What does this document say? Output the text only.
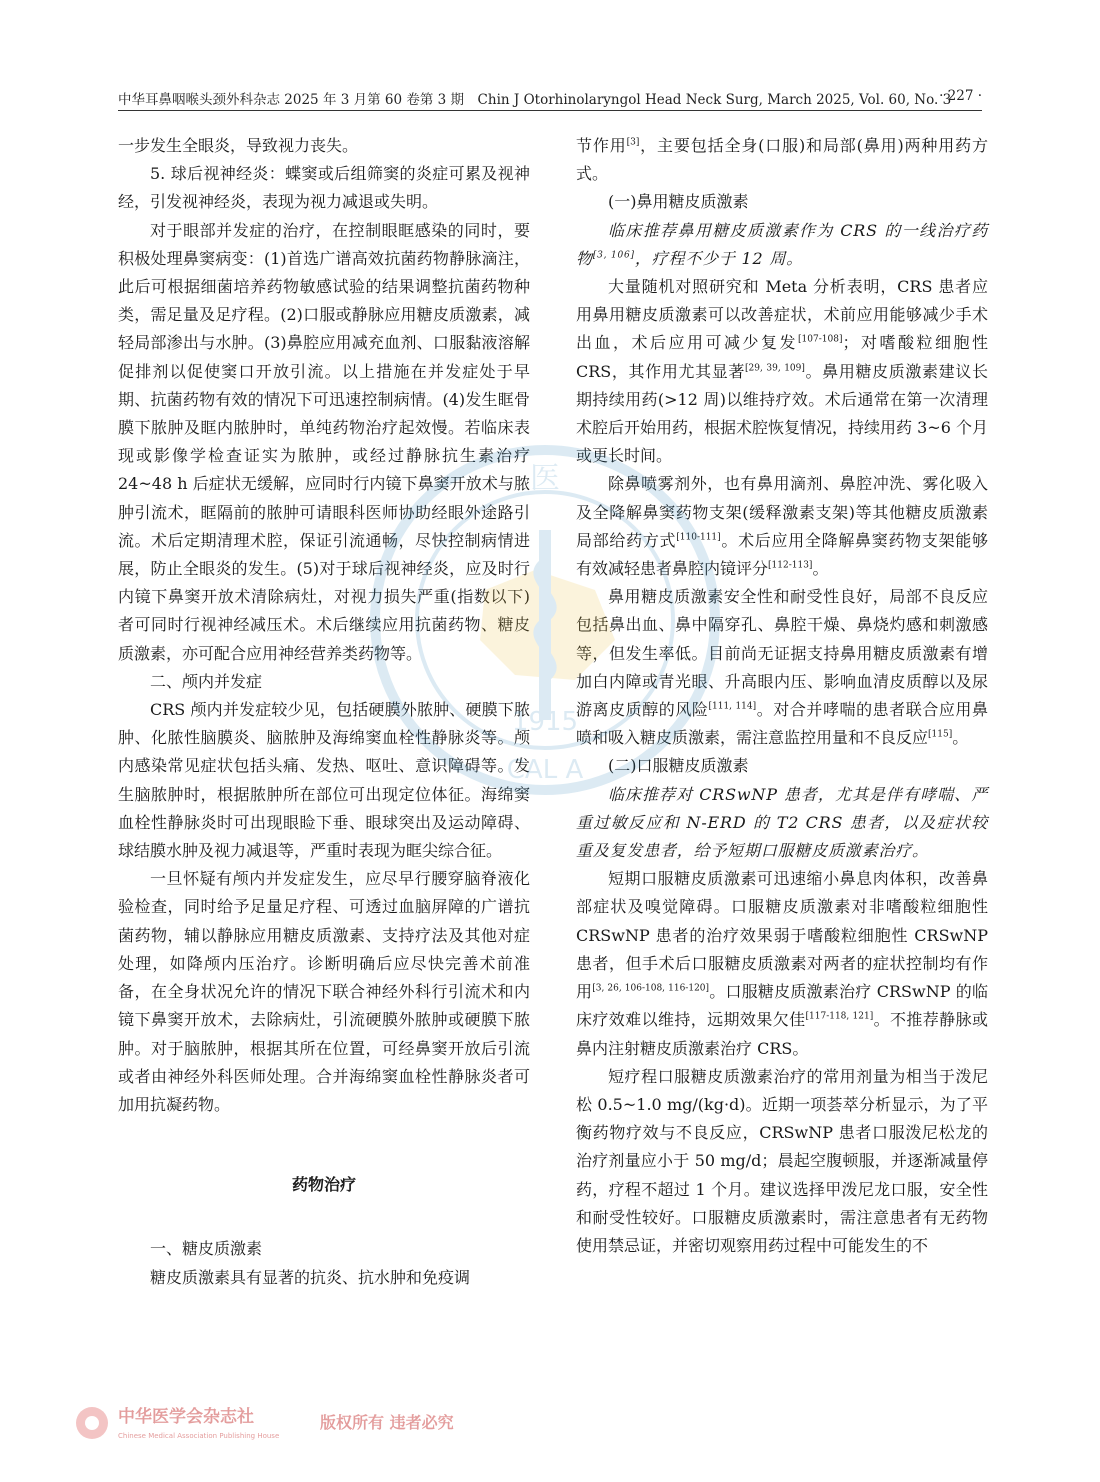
中华耳鼻咽喉头颈外科杂志 2025 年 3 月第 60 卷第 3 期　Chin J Otorhinolaryngol Head Neck Surg, March 2025, Vol. 60, No. 3
· 227 ·

一步发生全眼炎，导致视力丧失。

5. 球后视神经炎：蝶窦或后组筛窦的炎症可累及视神经，引发视神经炎，表现为视力减退或失明。

对于眼部并发症的治疗，在控制眼眶感染的同时，要积极处理鼻窦病变：(1)首选广谱高效抗菌药物静脉滴注，此后可根据细菌培养药物敏感试验的结果调整抗菌药物种类，需足量及足疗程。(2)口服或静脉应用糖皮质激素，减轻局部渗出与水肿。(3)鼻腔应用减充血剂、口服黏液溶解促排剂以促使窦口开放引流。以上措施在并发症处于早期、抗菌药物有效的情况下可迅速控制病情。(4)发生眶骨膜下脓肿及眶内脓肿时，单纯药物治疗起效慢。若临床表现或影像学检查证实为脓肿，或经过静脉抗生素治疗 24~48 h 后症状无缓解，应同时行内镜下鼻窦开放术与脓肿引流术，眶隔前的脓肿可请眼科医师协助经眼外途路引流。术后定期清理术腔，保证引流通畅，尽快控制病情进展，防止全眼炎的发生。(5)对于球后视神经炎，应及时行内镜下鼻窦开放术清除病灶，对视力损失严重(指数以下)者可同时行视神经减压术。术后继续应用抗菌药物、糖皮质激素，亦可配合应用神经营养类药物等。

二、颅内并发症

CRS 颅内并发症较少见，包括硬膜外脓肿、硬膜下脓肿、化脓性脑膜炎、脑脓肿及海绵窦血栓性静脉炎等。颅内感染常见症状包括头痛、发热、呕吐、意识障碍等。发生脑脓肿时，根据脓肿所在部位可出现定位体征。海绵窦血栓性静脉炎时可出现眼睑下垂、眼球突出及运动障碍、球结膜水肿及视力减退等，严重时表现为眶尖综合征。

一旦怀疑有颅内并发症发生，应尽早行腰穿脑脊液化验检查，同时给予足量足疗程、可透过血脑屏障的广谱抗菌药物，辅以静脉应用糖皮质激素、支持疗法及其他对症处理，如降颅内压治疗。诊断明确后应尽快完善术前准备，在全身状况允许的情况下联合神经外科行引流术和内镜下鼻窦开放术，去除病灶，引流硬膜外脓肿或硬膜下脓肿。对于脑脓肿，根据其所在位置，可经鼻窦开放后引流或者由神经外科医师处理。合并海绵窦血栓性静脉炎者可加用抗凝药物。

药物治疗

一、糖皮质激素

糖皮质激素具有显著的抗炎、抗水肿和免疫调

节作用[3]，主要包括全身(口服)和局部(鼻用)两种用药方式。

(一)鼻用糖皮质激素

临床推荐鼻用糖皮质激素作为 CRS 的一线治疗药物[3, 106]，疗程不少于 12 周。

大量随机对照研究和 Meta 分析表明，CRS 患者应用鼻用糖皮质激素可以改善症状，术前应用能够减少手术出血，术后应用可减少复发[107-108]；对嗜酸粒细胞性 CRS，其作用尤其显著[29, 39, 109]。鼻用糖皮质激素建议长期持续用药(>12 周)以维持疗效。术后通常在第一次清理术腔后开始用药，根据术腔恢复情况，持续用药 3~6 个月或更长时间。

除鼻喷雾剂外，也有鼻用滴剂、鼻腔冲洗、雾化吸入及全降解鼻窦药物支架(缓释激素支架)等其他糖皮质激素局部给药方式[110-111]。术后应用全降解鼻窦药物支架能够有效减轻患者鼻腔内镜评分[112-113]。

鼻用糖皮质激素安全性和耐受性良好，局部不良反应包括鼻出血、鼻中隔穿孔、鼻腔干燥、鼻烧灼感和刺激感等，但发生率低。目前尚无证据支持鼻用糖皮质激素有增加白内障或青光眼、升高眼内压、影响血清皮质醇以及尿游离皮质醇的风险[111, 114]。对合并哮喘的患者联合应用鼻喷和吸入糖皮质激素，需注意监控用量和不良反应[115]。

(二)口服糖皮质激素

临床推荐对 CRSwNP 患者，尤其是伴有哮喘、严重过敏反应和 N-ERD 的 T2 CRS 患者，以及症状较重及复发患者，给予短期口服糖皮质激素治疗。

短期口服糖皮质激素可迅速缩小鼻息肉体积，改善鼻部症状及嗅觉障碍。口服糖皮质激素对非嗜酸粒细胞性 CRSwNP 患者的治疗效果弱于嗜酸粒细胞性 CRSwNP 患者，但手术后口服糖皮质激素对两者的症状控制均有作用[3, 26, 106-108, 116-120]。口服糖皮质激素治疗 CRSwNP 的临床疗效难以维持，远期效果欠佳[117-118, 121]。不推荐静脉或鼻内注射糖皮质激素治疗 CRS。

短疗程口服糖皮质激素治疗的常用剂量为相当于泼尼松 0.5~1.0 mg/(kg·d)。近期一项荟萃分析显示，为了平衡药物疗效与不良反应，CRSwNP 患者口服泼尼松龙的治疗剂量应小于 50 mg/d；晨起空腹顿服，并逐渐减量停药，疗程不超过 1 个月。建议选择甲泼尼龙口服，安全性和耐受性较好。口服糖皮质激素时，需注意患者有无药物使用禁忌证，并密切观察用药过程中可能发生的不

医
1915
CAL A
中华医学会杂志社
Chinese Medical Association Publishing House
版权所有 违者必究
